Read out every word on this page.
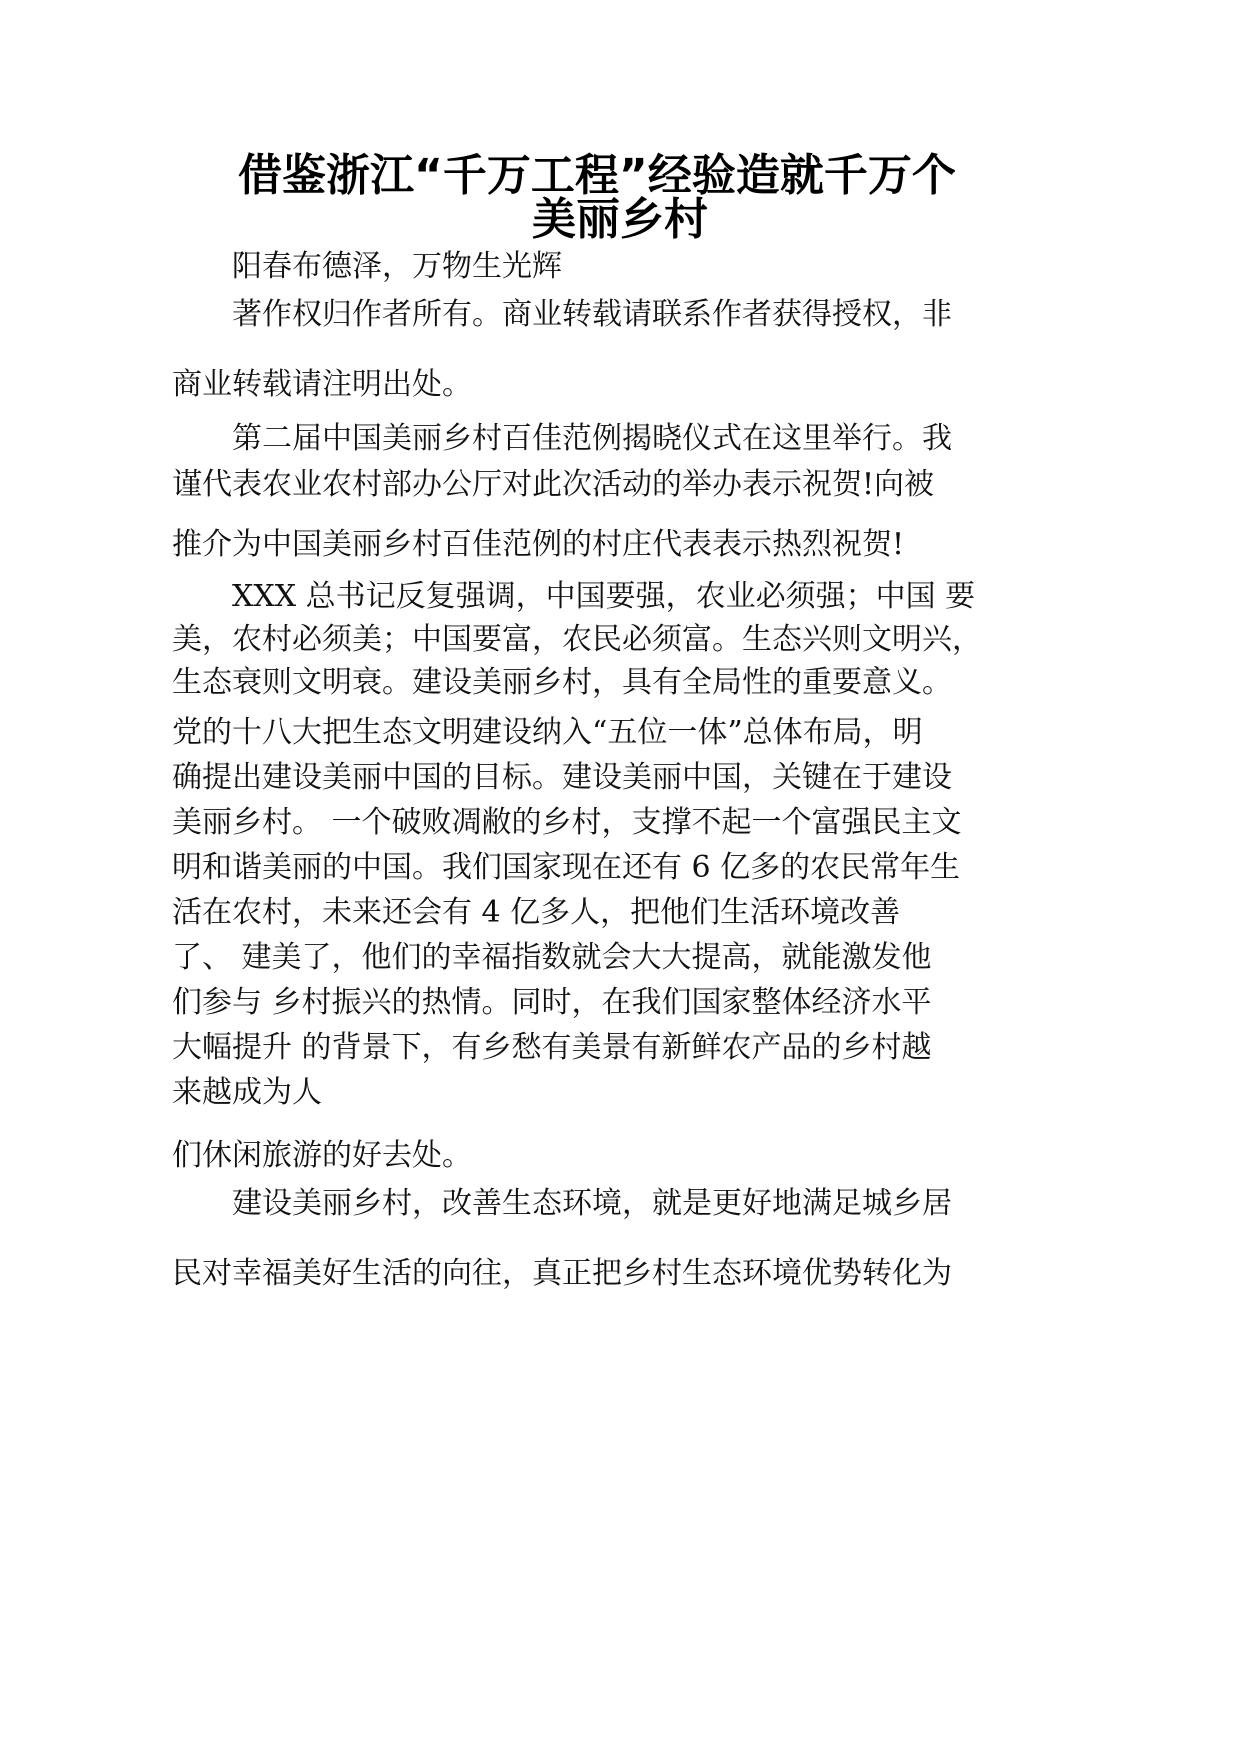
借鉴浙江“千万工程”经验造就千万个
美丽乡村
阳春布德泽，万物生光辉
著作权归作者所有。商业转载请联系作者获得授权，非
商业转载请注明出处。
第二届中国美丽乡村百佳范例揭晓仪式在这里举行。我
谨代表农业农村部办公厅对此次活动的举办表示祝贺!向被
推介为中国美丽乡村百佳范例的村庄代表表示热烈祝贺!
XXX 总书记反复强调，中国要强，农业必须强；中国 要
美，农村必须美；中国要富，农民必须富。生态兴则文明兴，
生态衰则文明衰。建设美丽乡村，具有全局性的重要意义。
党的十八大把生态文明建设纳入“五位一体”总体布局，明
确提出建设美丽中国的目标。建设美丽中国，关键在于建设
美丽乡村。 一个破败凋敝的乡村，支撑不起一个富强民主文
明和谐美丽的中国。我们国家现在还有 6 亿多的农民常年生
活在农村，未来还会有 4 亿多人，把他们生活环境改善
了、 建美了，他们的幸福指数就会大大提高，就能激发他
们参与 乡村振兴的热情。同时，在我们国家整体经济水平
大幅提升 的背景下，有乡愁有美景有新鲜农产品的乡村越
来越成为人
们休闲旅游的好去处。
建设美丽乡村，改善生态环境，就是更好地满足城乡居
民对幸福美好生活的向往，真正把乡村生态环境优势转化为
